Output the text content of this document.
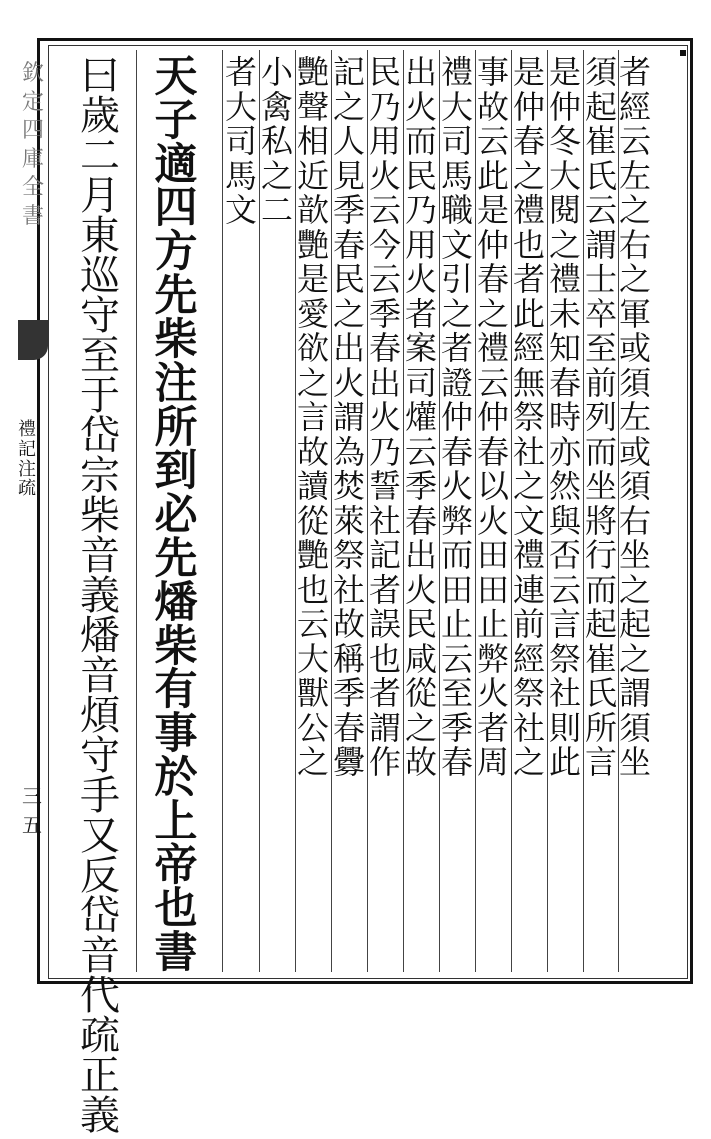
欽定四庫全書
禮記注疏
三五
者
經
云
左
之
右
之
軍
或
須
左
或
須
右
坐
之
起
之
謂
須
坐
須
起
崔
氏
云
謂
士
卒
至
前
列
而
坐
將
行
而
起
崔
氏
所
言
是
仲
冬
大
閱
之
禮
未
知
春
時
亦
然
與
否
云
言
祭
社
則
此
是
仲
春
之
禮
也
者
此
經
無
祭
社
之
文
禮
連
前
經
祭
社
之
事
故
云
此
是
仲
春
之
禮
云
仲
春
以
火
田
田
止
弊
火
者
周
禮
大
司
馬
職
文
引
之
者
證
仲
春
火
弊
而
田
止
云
至
季
春
出
火
而
民
乃
用
火
者
案
司
爟
云
季
春
出
火
民
咸
從
之
故
民
乃
用
火
云
今
云
季
春
出
火
乃
誓
社
記
者
誤
也
者
謂
作
記
之
人
見
季
春
民
之
出
火
謂
為
焚
萊
祭
社
故
稱
季
春
釁
艷
聲
相
近
歆
艷
是
愛
欲
之
言
故
讀
從
艷
也
云
大
獸
公
之
小
禽
私
之
二
者
大
司
馬
文
天
子
適
四
方
先
柴
注
所
到
必
先
燔
柴
有
事
於
上
帝
也
書
曰
歲
二
月
東
巡
守
至
于
岱
宗
柴
音
義
燔
音
煩
守
手
又
反
岱
音
代
疏
正
義
